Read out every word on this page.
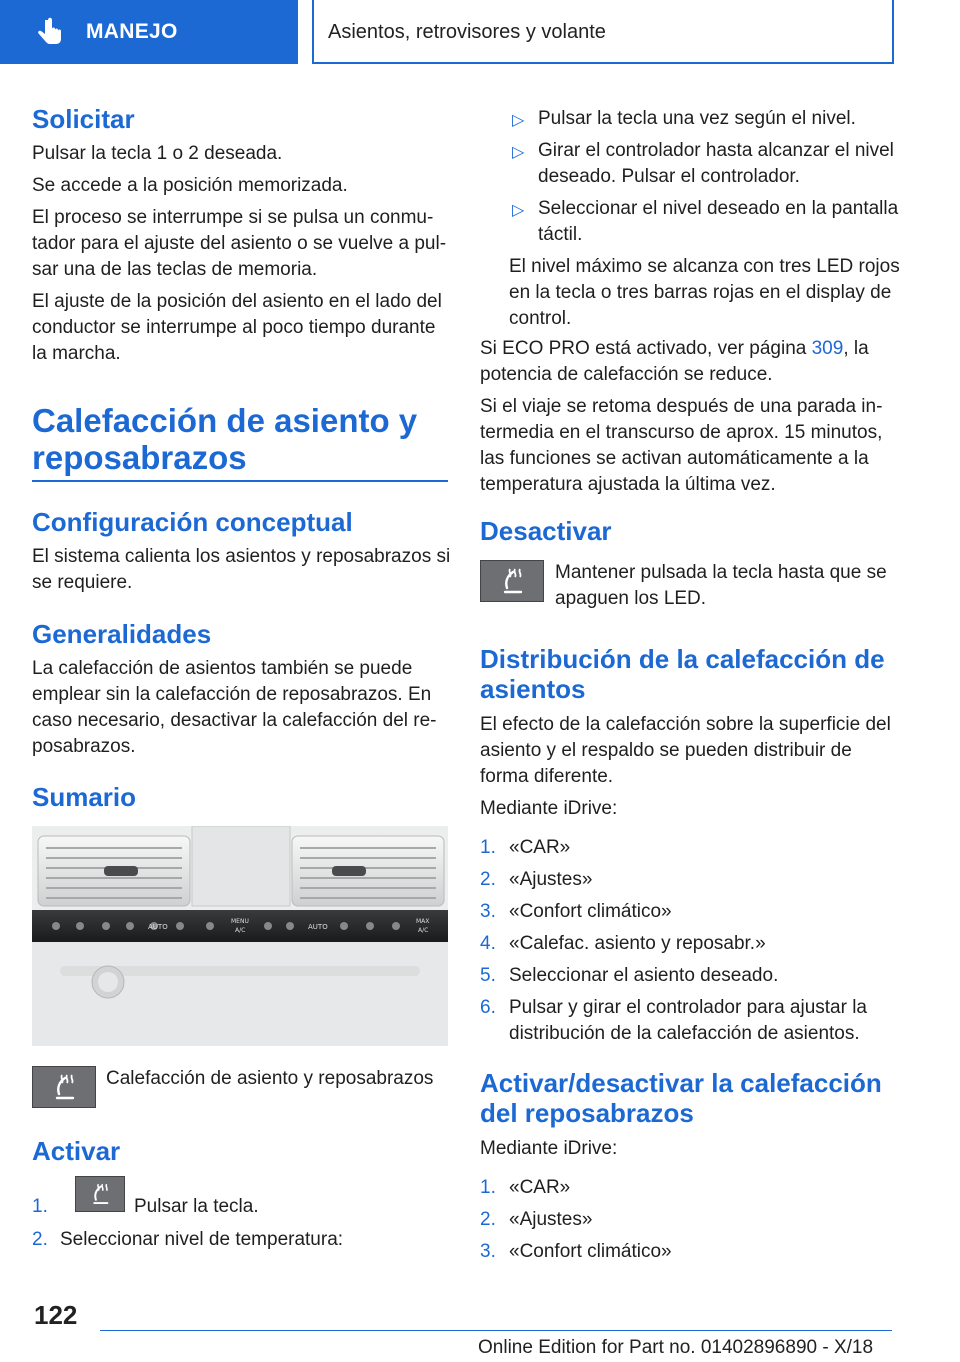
MANEJO	Asientos, retrovisores y volante
Solicitar
Pulsar la tecla 1 o 2 deseada.
Se accede a la posición memorizada.
El proceso se interrumpe si se pulsa un conmu‐
tador para el ajuste del asiento o se vuelve a pul‐
sar una de las teclas de memoria.
El ajuste de la posición del asiento en el lado del
conductor se interrumpe al poco tiempo durante
la marcha.
Calefacción de asiento y
reposabrazos
Configuración conceptual
El sistema calienta los asientos y reposabrazos si
se requiere.
Generalidades
La calefacción de asientos también se puede
emplear sin la calefacción de reposabrazos. En
caso necesario, desactivar la calefacción del re‐
posabrazos.
Sumario
AUTO
MENU
A/C	AUTO
MAX
A/C
Calefacción de asiento y reposabrazos
Activar
1.	Pulsar la tecla.
2. Seleccionar nivel de temperatura:
▷ Pulsar la tecla una vez según el nivel.
▷ Girar el controlador hasta alcanzar el nivel
deseado. Pulsar el controlador.
▷ Seleccionar el nivel deseado en la pantalla
táctil.
El nivel máximo se alcanza con tres LED rojos
en la tecla o tres barras rojas en el display de
control.
Si ECO PRO está activado, ver página 309, la
potencia de calefacción se reduce.
Si el viaje se retoma después de una parada in‐
termedia en el transcurso de aprox. 15 minutos,
las funciones se activan automáticamente a la
temperatura ajustada la última vez.
Desactivar
Mantener pulsada la tecla hasta que se
apaguen los LED.
Distribución de la calefacción de
asientos
El efecto de la calefacción sobre la superficie del
asiento y el respaldo se pueden distribuir de
forma diferente.
Mediante iDrive:
1. «CAR»
2. «Ajustes»
3. «Confort climático»
4. «Calefac. asiento y reposabr.»
5. Seleccionar el asiento deseado.
6. Pulsar y girar el controlador para ajustar la
distribución de la calefacción de asientos.
Activar/desactivar la calefacción
del reposabrazos
Mediante iDrive:
1. «CAR»
2. «Ajustes»
3. «Confort climático»
122
Online Edition for Part no. 01402896890 - X/18
